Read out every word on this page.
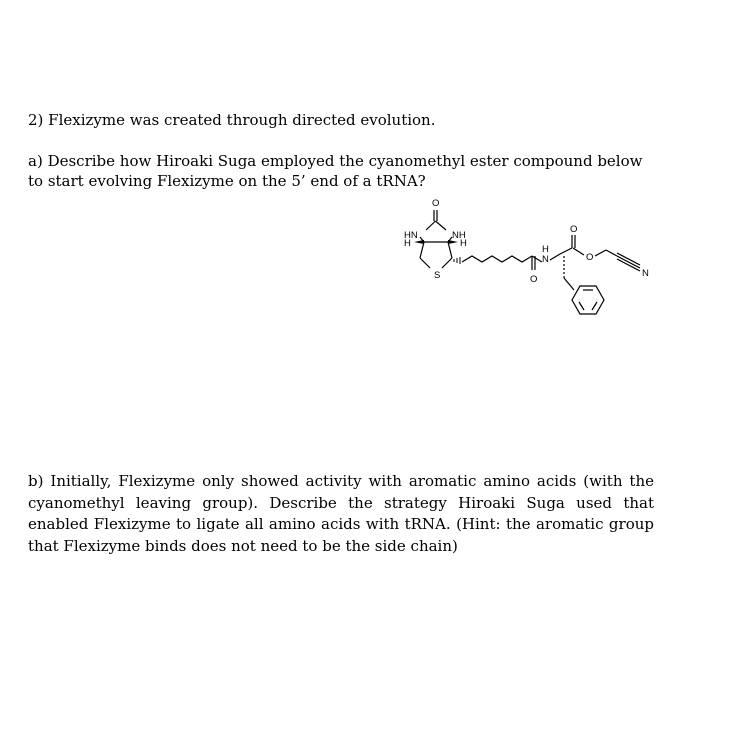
2) Flexizyme was created through directed evolution.

a) Describe how Hiroaki Suga employed the cyanomethyl ester compound below to start evolving Flexizyme on the 5’ end of a tRNA?

O
HN	NH
H	H
S	O
H
N
O
O
N

b) Initially, Flexizyme only showed activity with aromatic amino acids (with the cyanomethyl leaving group). Describe the strategy Hiroaki Suga used that enabled Flexizyme to ligate all amino acids with tRNA. (Hint: the aromatic group that Flexizyme binds does not need to be the side chain)
